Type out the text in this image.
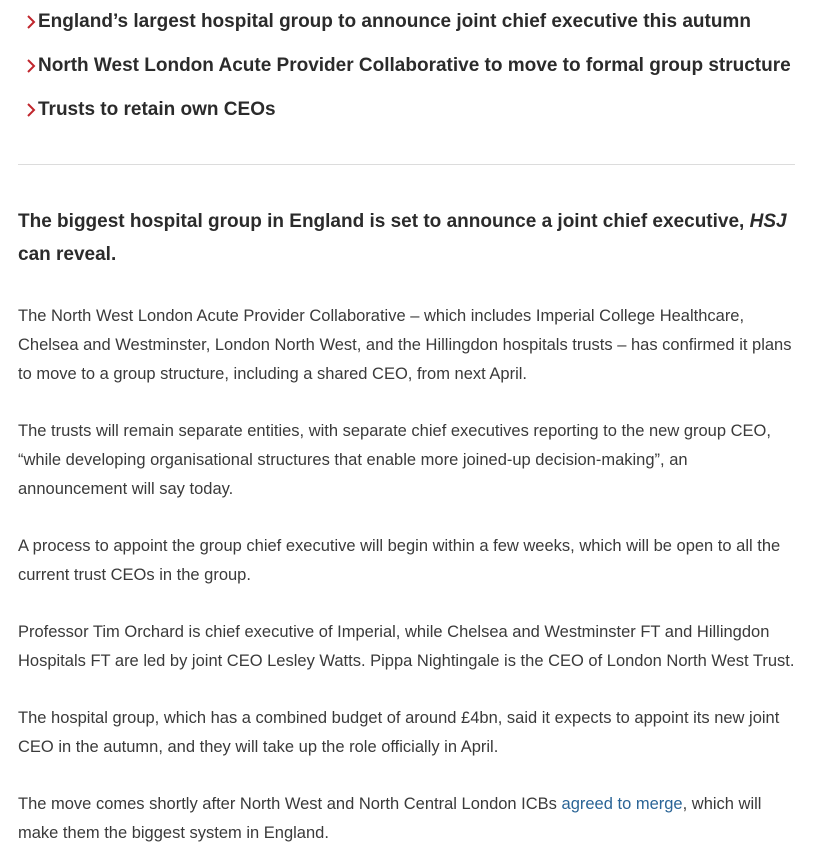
England’s largest hospital group to announce joint chief executive this autumn
North West London Acute Provider Collaborative to move to formal group structure
Trusts to retain own CEOs

The biggest hospital group in England is set to announce a joint chief executive, HSJ can reveal.

The North West London Acute Provider Collaborative – which includes Imperial College Healthcare, Chelsea and Westminster, London North West, and the Hillingdon hospitals trusts – has confirmed it plans to move to a group structure, including a shared CEO, from next April.

The trusts will remain separate entities, with separate chief executives reporting to the new group CEO, “while developing organisational structures that enable more joined-up decision-making”, an announcement will say today.

A process to appoint the group chief executive will begin within a few weeks, which will be open to all the current trust CEOs in the group.

Professor Tim Orchard is chief executive of Imperial, while Chelsea and Westminster FT and Hillingdon Hospitals FT are led by joint CEO Lesley Watts. Pippa Nightingale is the CEO of London North West Trust.

The hospital group, which has a combined budget of around £4bn, said it expects to appoint its new joint CEO in the autumn, and they will take up the role officially in April.

The move comes shortly after North West and North Central London ICBs agreed to merge, which will make them the biggest system in England.
